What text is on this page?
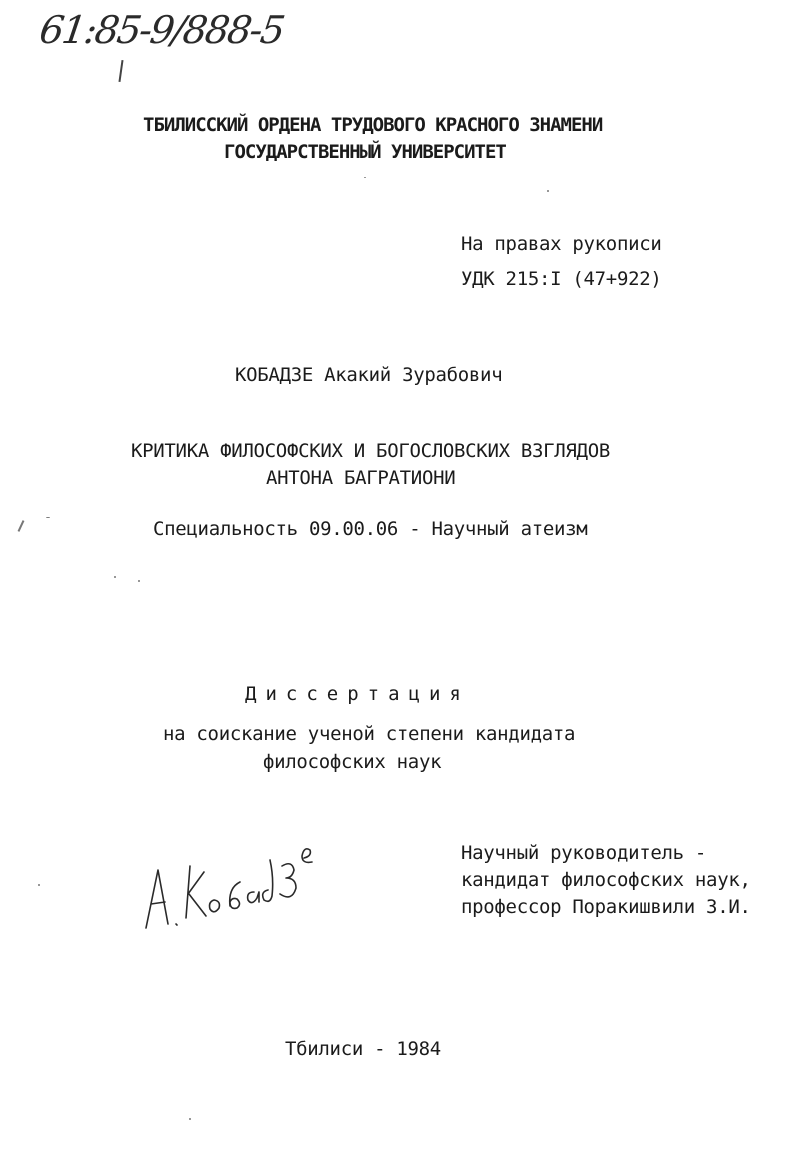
61:85-9/888-5
ТБИЛИССКИЙ ОРДЕНА ТРУДОВОГО КРАСНОГО ЗНАМЕНИ
ГОСУДАРСТВЕННЫЙ УНИВЕРСИТЕТ
На правах рукописи
УДК 215:I (47+922)
КОБАДЗЕ Акакий Зурабович
КРИТИКА ФИЛОСОФСКИХ И БОГОСЛОВСКИХ ВЗГЛЯДОВ
АНТОНА БАГРАТИОНИ
Специальность 09.00.06 - Научный атеизм
Диссертация
на соискание ученой степени кандидата
философских наук
Научный руководитель -
кандидат философских наук,
профессор Поракишвили З.И.
Тбилиси - 1984
